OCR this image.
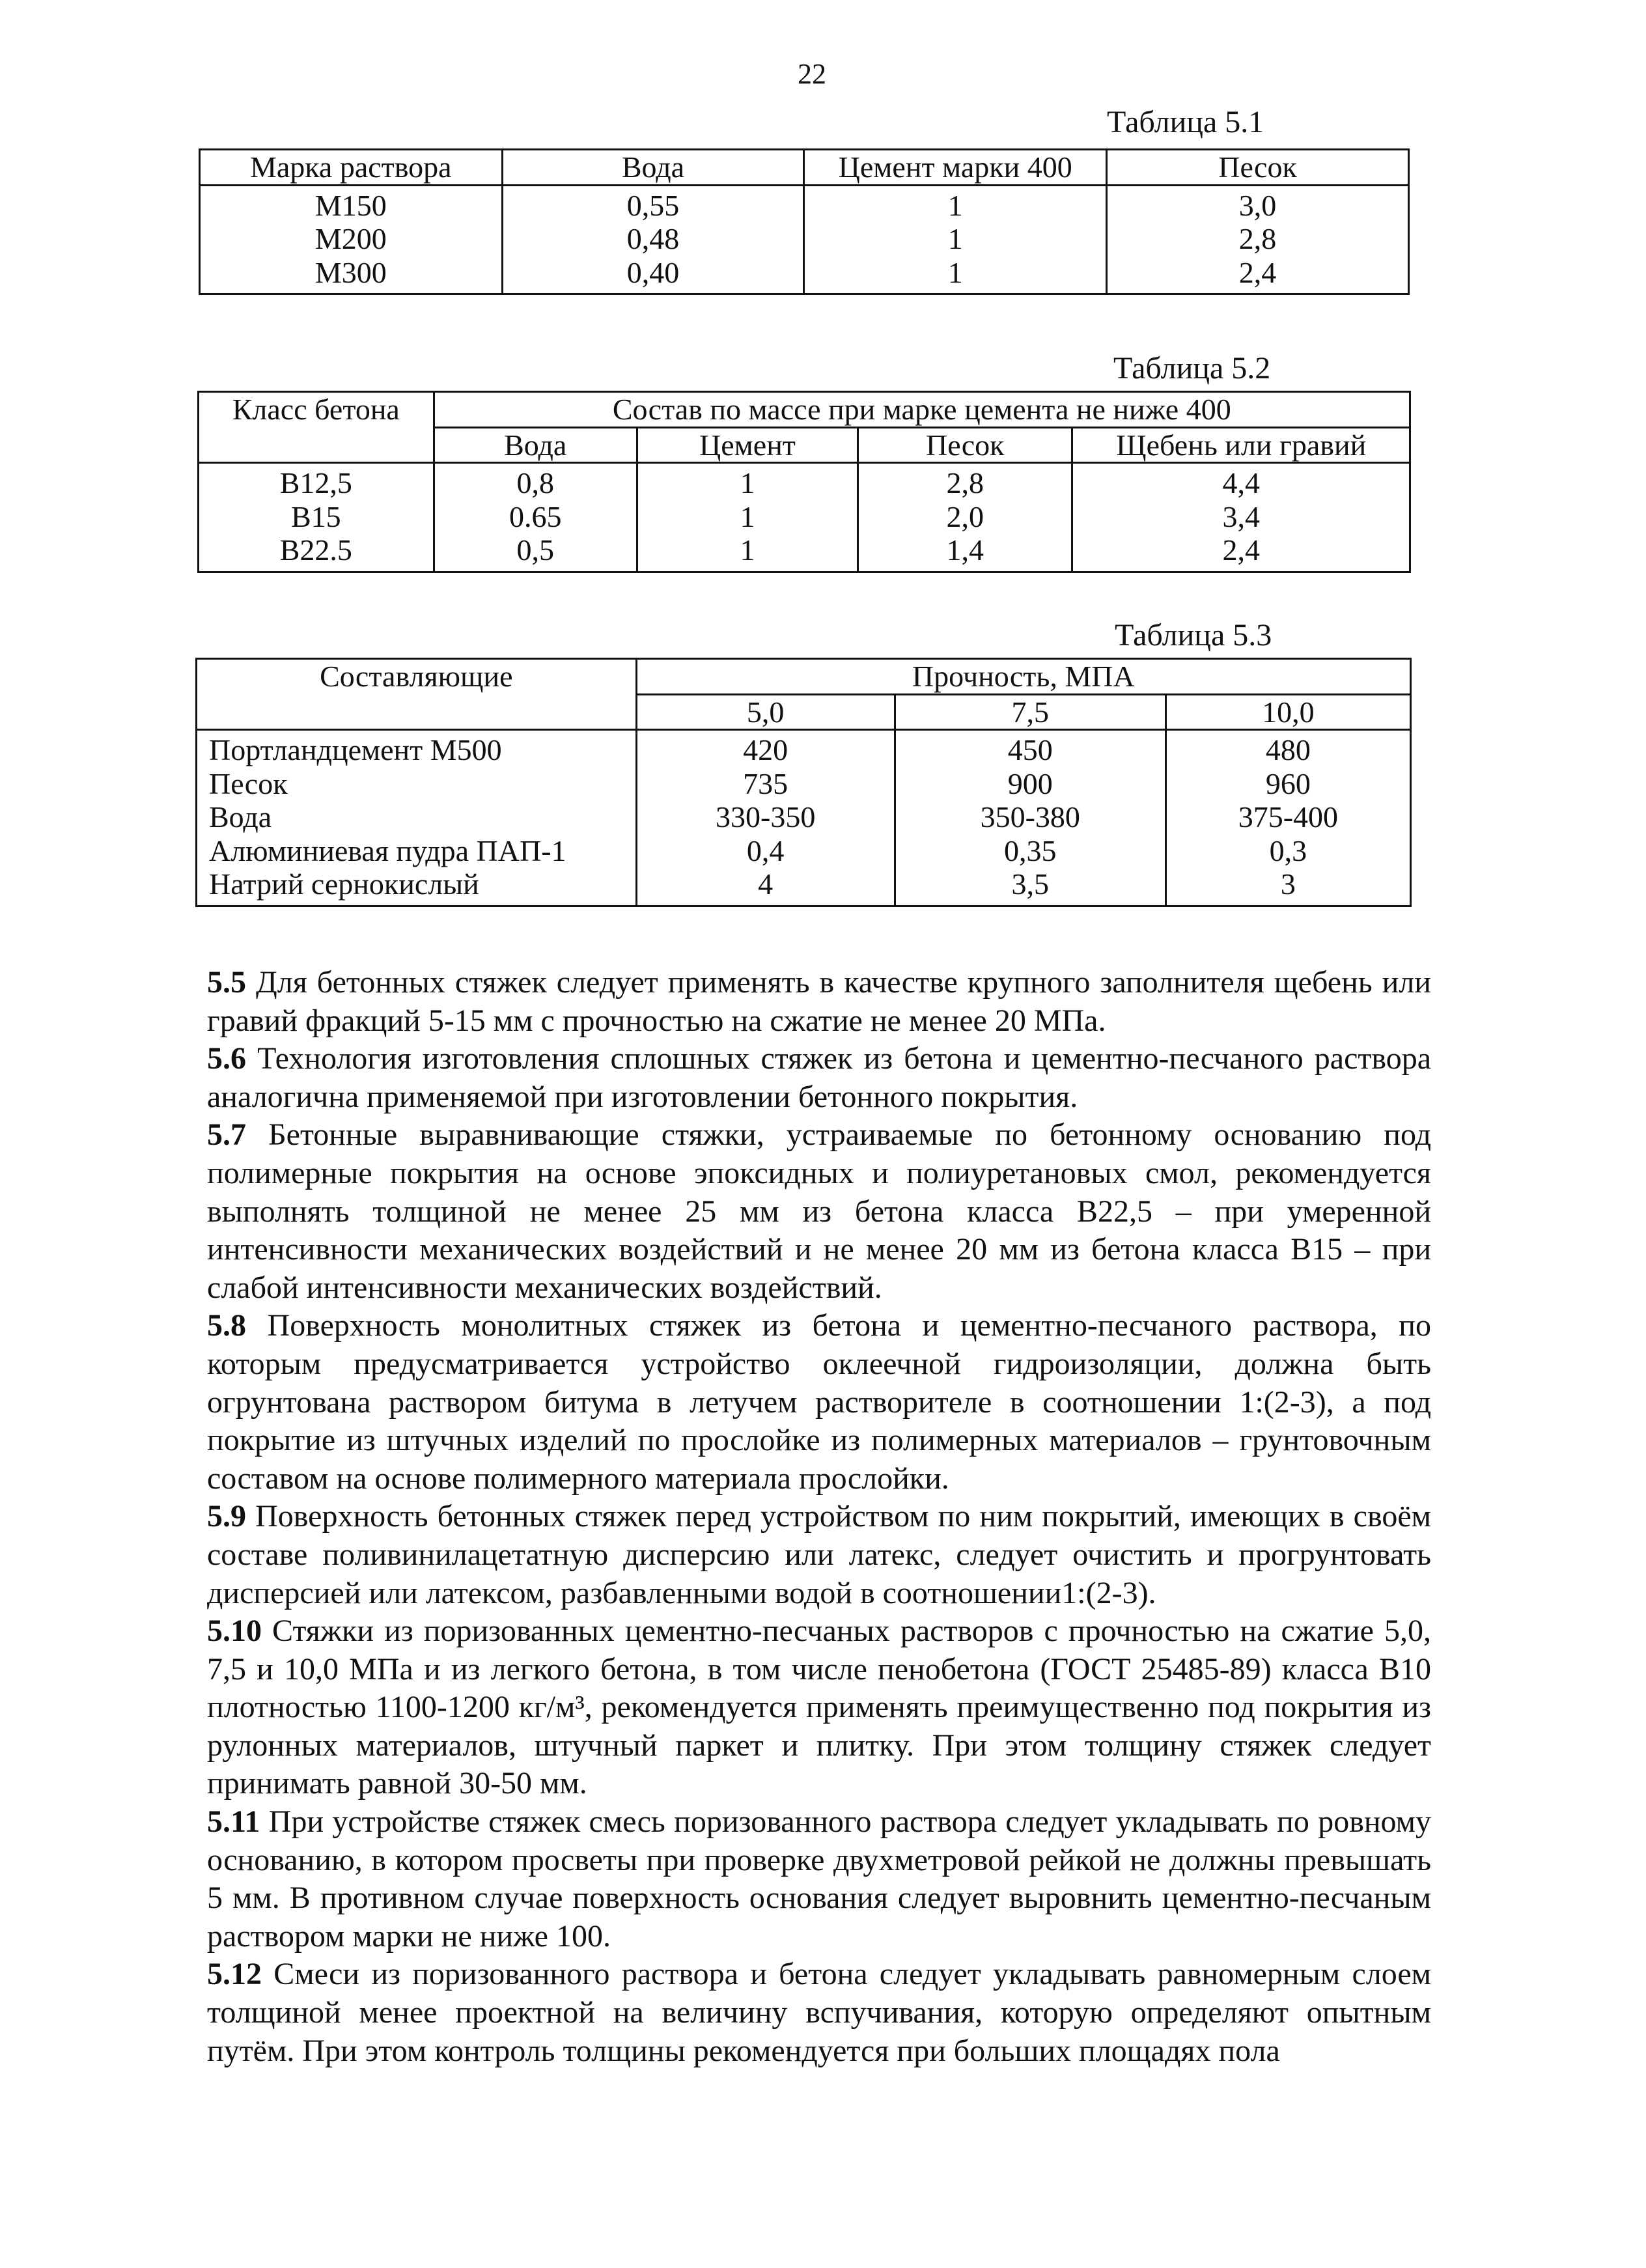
22
Таблица 5.1
Марка раствора	Вода	Цемент марки 400	Песок
М150	0,55	1	3,0
М200	0,48	1	2,8
М300	0,40	1	2,4
Таблица 5.2
Класс бетона	Состав по массе при марке цемента не ниже 400			
	Вода	Цемент	Песок	Щебень или гравий
В12,5	0,8	1	2,8	4,4
В15	0.65	1	2,0	3,4
В22.5	0,5	1	1,4	2,4
Таблица 5.3
Составляющие	Прочность, МПА		
	5,0	7,5	10,0
Портландцемент М500	420	450	480
Песок	735	900	960
Вода	330-350	350-380	375-400
Алюминиевая пудра ПАП-1	0,4	0,35	0,3
Натрий сернокислый	4	3,5	3

5.5 Для бетонных стяжек следует применять в качестве крупного заполнителя щебень или гравий фракций 5-15 мм с прочностью на сжатие не менее 20 МПа.

5.6 Технология изготовления сплошных стяжек из бетона и цементно-песчаного раствора аналогична применяемой при изготовлении бетонного покрытия.

5.7 Бетонные выравнивающие стяжки, устраиваемые по бетонному основанию под полимерные покрытия на основе эпоксидных и полиуретановых смол, рекомендуется выполнять толщиной не менее 25 мм из бетона класса В22,5 – при умеренной интенсивности механических воздействий и не менее 20 мм из бетона класса В15 – при слабой интенсивности механических воздействий.

5.8 Поверхность монолитных стяжек из бетона и цементно-песчаного раствора, по которым предусматривается устройство оклеечной гидроизоляции, должна быть огрунтована раствором битума в летучем растворителе в соотношении 1:(2-3), а под покрытие из штучных изделий по прослойке из полимерных материалов – грунтовочным составом на основе полимерного материала прослойки.

5.9 Поверхность бетонных стяжек перед устройством по ним покрытий, имеющих в своём составе поливинилацетатную дисперсию или латекс, следует очистить и прогрунтовать дисперсией или латексом, разбавленными водой в соотношении1:(2-3).

5.10 Стяжки из поризованных цементно-песчаных растворов с прочностью на сжатие 5,0, 7,5 и 10,0 МПа и из легкого бетона, в том числе пенобетона (ГОСТ 25485-89) класса В10 плотностью 1100-1200 кг/м³, рекомендуется применять преимущественно под покрытия из рулонных материалов, штучный паркет и плитку. При этом толщину стяжек следует принимать равной 30-50 мм.

5.11 При устройстве стяжек смесь поризованного раствора следует укладывать по ровному основанию, в котором просветы при проверке двухметровой рейкой не должны превышать 5 мм. В противном случае поверхность основания следует выровнить цементно-песчаным раствором марки не ниже 100.

5.12 Смеси из поризованного раствора и бетона следует укладывать равномерным слоем толщиной менее проектной на величину вспучивания, которую определяют опытным путём. При этом контроль толщины рекомендуется при больших площадях пола
